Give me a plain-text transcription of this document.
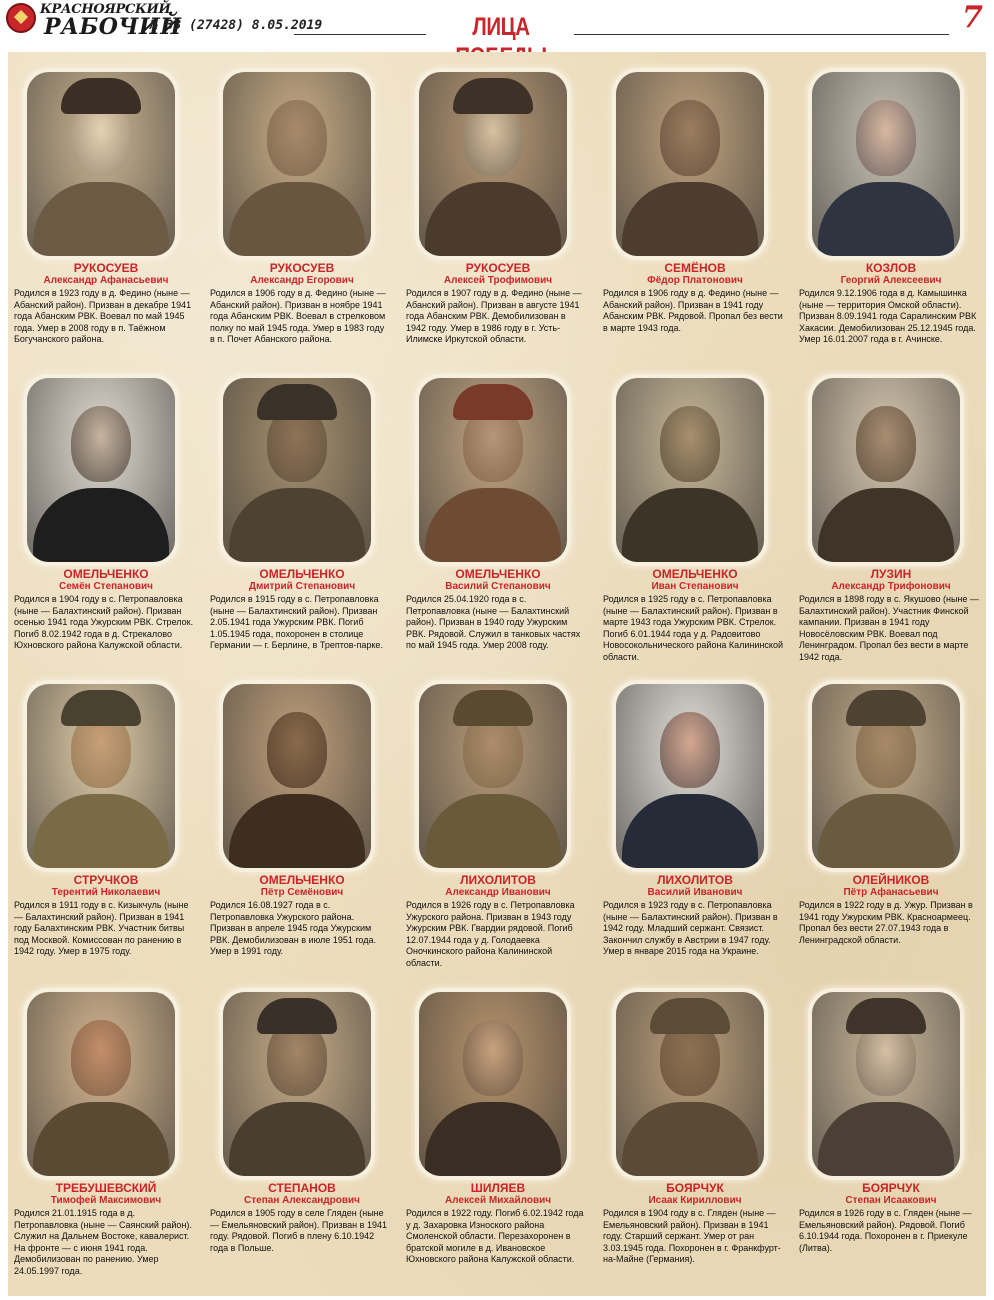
КРАСНОЯРСКИЙ
РАБОЧИЙ
№ 33 (27428) 8.05.2019	ЛИЦА	7
РУКОСУЕВ
Александр Афанасьевич
Родился в 1923 году в д. Федино (ныне — Абанский район). Призван в декабре 1941 года Абанским РВК. Воевал по май 1945 года. Умер в 2008 году в п. Таёжном Богучанского района.
РУКОСУЕВ
Александр Егорович
Родился в 1906 году в д. Федино (ныне — Абанский район). Призван в ноябре 1941 года Абанским РВК. Воевал в стрелковом полку по май 1945 года. Умер в 1983 году в п. Почет Абанского района.
РУКОСУЕВ
Алексей Трофимович
Родился в 1907 году в д. Федино (ныне — Абанский район). Призван в августе 1941 года Абанским РВК. Демобилизован в 1942 году. Умер в 1986 году в г. Усть-Илимске Иркутской области.
СЕМЁНОВ
Фёдор Платонович
Родился в 1906 году в д. Федино (ныне — Абанский район). Призван в 1941 году Абанским РВК. Рядовой. Пропал без вести в марте 1943 года.
КОЗЛОВ
Георгий Алексеевич
Родился 9.12.1906 года в д. Камышинка (ныне — территория Омской области). Призван 8.09.1941 года Саралинским РВК Хакасии. Демобилизован 25.12.1945 года. Умер 16.01.2007 года в г. Ачинске.
ОМЕЛЬЧЕНКО
Семён Степанович
Родился в 1904 году в с. Петропавловка (ныне — Балахтинский район). Призван осенью 1941 года Ужурским РВК. Стрелок. Погиб 8.02.1942 года в д. Стрекалово Юхновского района Калужской области.
ОМЕЛЬЧЕНКО
Дмитрий Степанович
Родился в 1915 году в с. Петропавловка (ныне — Балахтинский район). Призван 2.05.1941 года Ужурским РВК. Погиб 1.05.1945 года, похоронен в столице Германии — г. Берлине, в Трептов-парке.
ОМЕЛЬЧЕНКО
Василий Степанович
Родился 25.04.1920 года в с. Петропавловка (ныне — Балахтинский район). Призван в 1940 году Ужурским РВК. Рядовой. Служил в танковых частях по май 1945 года. Умер 2008 году.
ОМЕЛЬЧЕНКО
Иван Степанович
Родился в 1925 году в с. Петропавловка (ныне — Балахтинский район). Призван в марте 1943 года Ужурским РВК. Стрелок. Погиб 6.01.1944 года у д. Радовитово Новосокольнического района Калининской области.
ЛУЗИН
Александр Трифонович
Родился в 1898 году в с. Якушово (ныне — Балахтинский район). Участник Финской кампании. Призван в 1941 году Новосёловским РВК. Воевал под Ленинградом. Пропал без вести в марте 1942 года.
СТРУЧКОВ
Терентий Николаевич
Родился в 1911 году в с. Кизыкчуль (ныне — Балахтинский район). Призван в 1941 году Балахтинским РВК. Участник битвы под Москвой. Комиссован по ранению в 1942 году. Умер в 1975 году.
ОМЕЛЬЧЕНКО
Пётр Семёнович
Родился 16.08.1927 года в с. Петропавловка Ужурского района. Призван в апреле 1945 года Ужурским РВК. Демобилизован в июле 1951 года. Умер в 1991 году.
ЛИХОЛИТОВ
Александр Иванович
Родился в 1926 году в с. Петропавловка Ужурского района. Призван в 1943 году Ужурским РВК. Гвардии рядовой. Погиб 12.07.1944 года у д. Голодаевка Оночкинского района Калининской области.
ЛИХОЛИТОВ
Василий Иванович
Родился в 1923 году в с. Петропавловка (ныне — Балахтинский район). Призван в 1942 году. Младший сержант. Связист. Закончил службу в Австрии в 1947 году. Умер в январе 2015 года на Украине.
ОЛЕЙНИКОВ
Пётр Афанасьевич
Родился в 1922 году в д. Ужур. Призван в 1941 году Ужурским РВК. Красноармеец. Пропал без вести 27.07.1943 года в Ленинградской области.
ТРЕБУШЕВСКИЙ
Тимофей Максимович
Родился 21.01.1915 года в д. Петропавловка (ныне — Саянский район). Служил на Дальнем Востоке, кавалерист. На фронте — с июня 1941 года. Демобилизован по ранению. Умер 24.05.1997 года.
СТЕПАНОВ
Степан Александрович
Родился в 1905 году в селе Гляден (ныне — Емельяновский район). Призван в 1941 году. Рядовой. Погиб в плену 6.10.1942 года в Польше.
ШИЛЯЕВ
Алексей Михайлович
Родился в 1922 году. Погиб 6.02.1942 года у д. Захаровка Изноского района Смоленской области. Перезахоронен в братской могиле в д. Ивановское Юхновского района Калужской области.
БОЯРЧУК
Исаак Кириллович
Родился в 1904 году в с. Гляден (ныне — Емельяновский район). Призван в 1941 году. Старший сержант. Умер от ран 3.03.1945 года. Похоронен в г. Франкфурт-на-Майне (Германия).
БОЯРЧУК
Степан Исаакович
Родился в 1926 году в с. Гляден (ныне — Емельяновский район). Рядовой. Погиб 6.10.1944 года. Похоронен в г. Приекуле (Литва).
